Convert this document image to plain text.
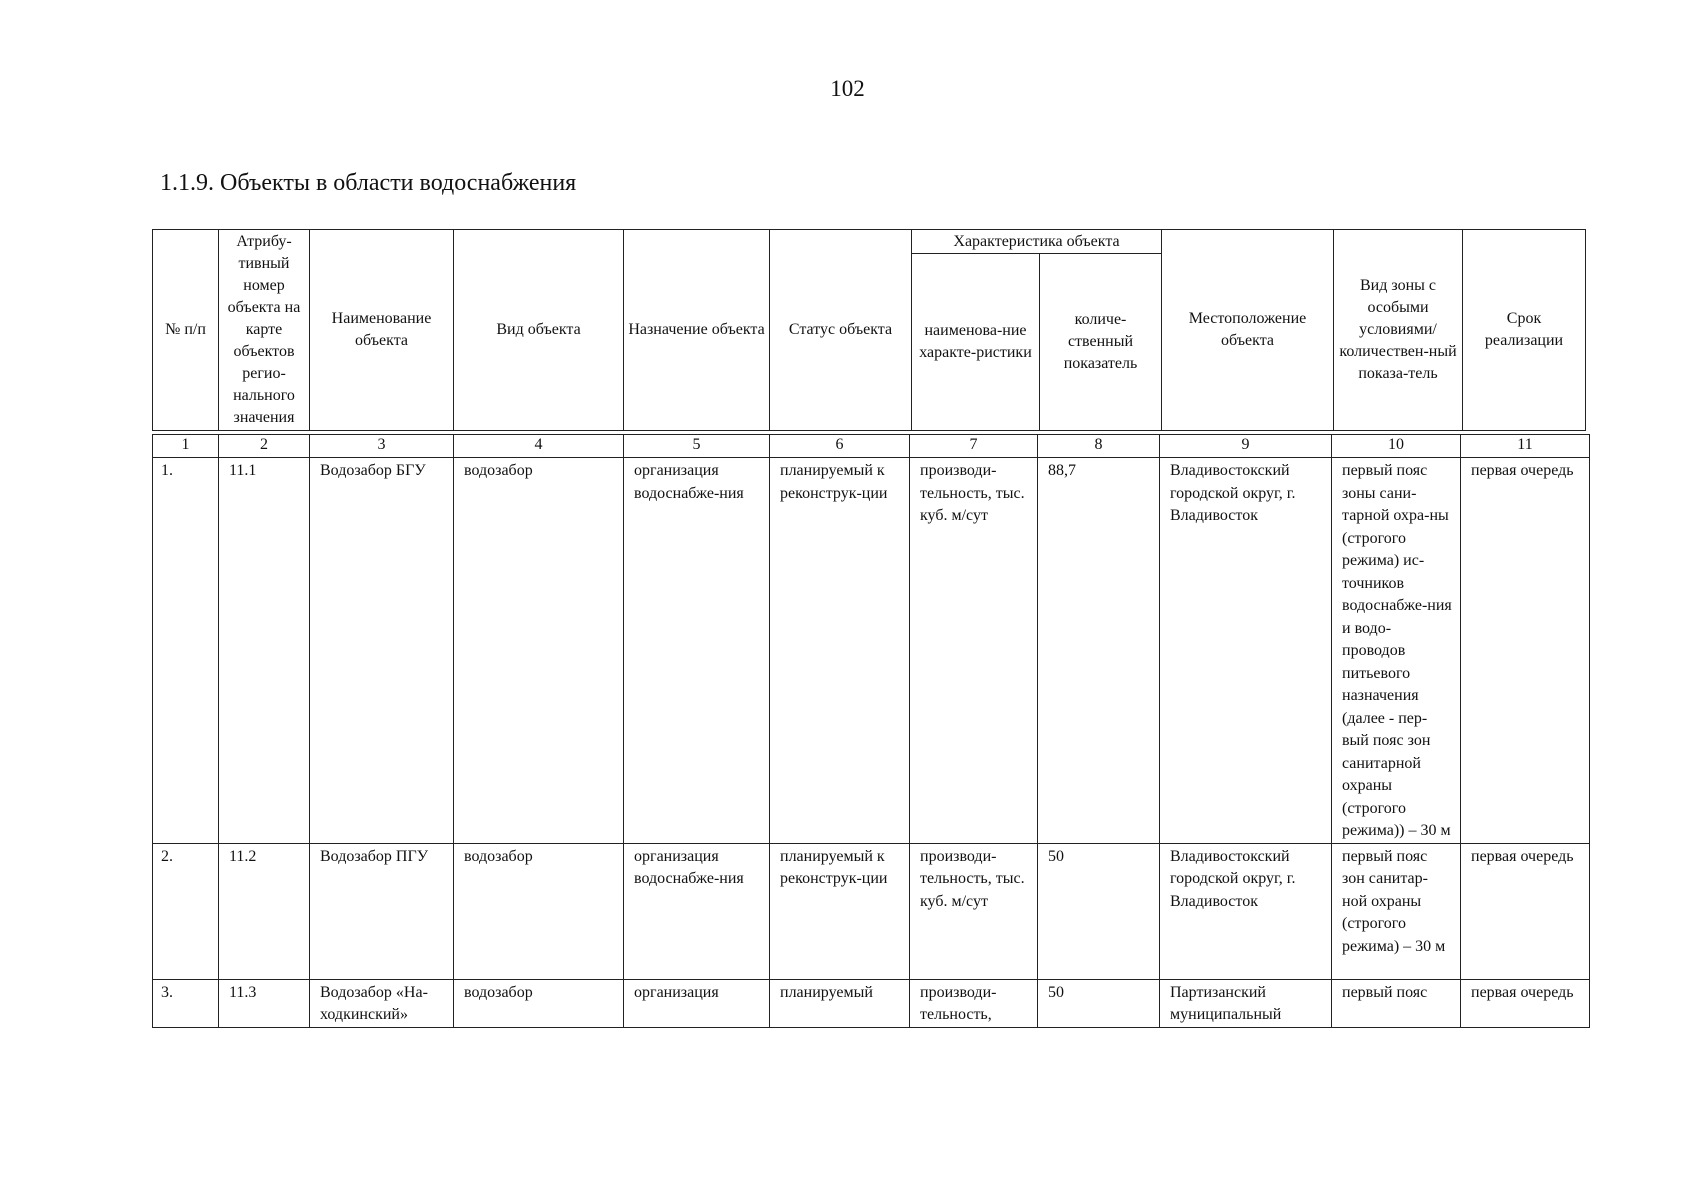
102
1.1.9. Объекты в области водоснабжения
№ п/п	Атрибу-тивный номер объекта на карте объектов регио-нального значения	Наименование объекта	Вид объекта	Назначение объекта	Статус объекта	Характеристика объекта		Местоположение объекта	Вид зоны с особыми условиями/ количествен-ный показа-тель	Срок реализации
						наименова-ние характе-ристики	количе-ственный показатель			
1	2	3	4	5	6	7	8	9	10	11
1.	11.1	Водозабор БГУ	водозабор	организация водоснабже-ния	планируемый к реконструк-ции	производи-тельность, тыс. куб. м/сут	88,7	Владивостокский городской округ, г. Владивосток	первый пояс зоны сани-тарной охра-ны (строгого режима) ис-точников водоснабже-ния и водо-проводов питьевого назначения (далее - пер-вый пояс зон санитарной охраны (строгого режима)) – 30 м	первая очередь
2.	11.2	Водозабор ПГУ	водозабор	организация водоснабже-ния	планируемый к реконструк-ции	производи-тельность, тыс. куб. м/сут	50	Владивостокский городской округ, г. Владивосток	первый пояс зон санитар-ной охраны (строгого режима) – 30 м	первая очередь
3.	11.3	Водозабор «На-ходкинский»	водозабор	организация	планируемый	производи-тельность,	50	Партизанский муниципальный	первый пояс	первая очередь
